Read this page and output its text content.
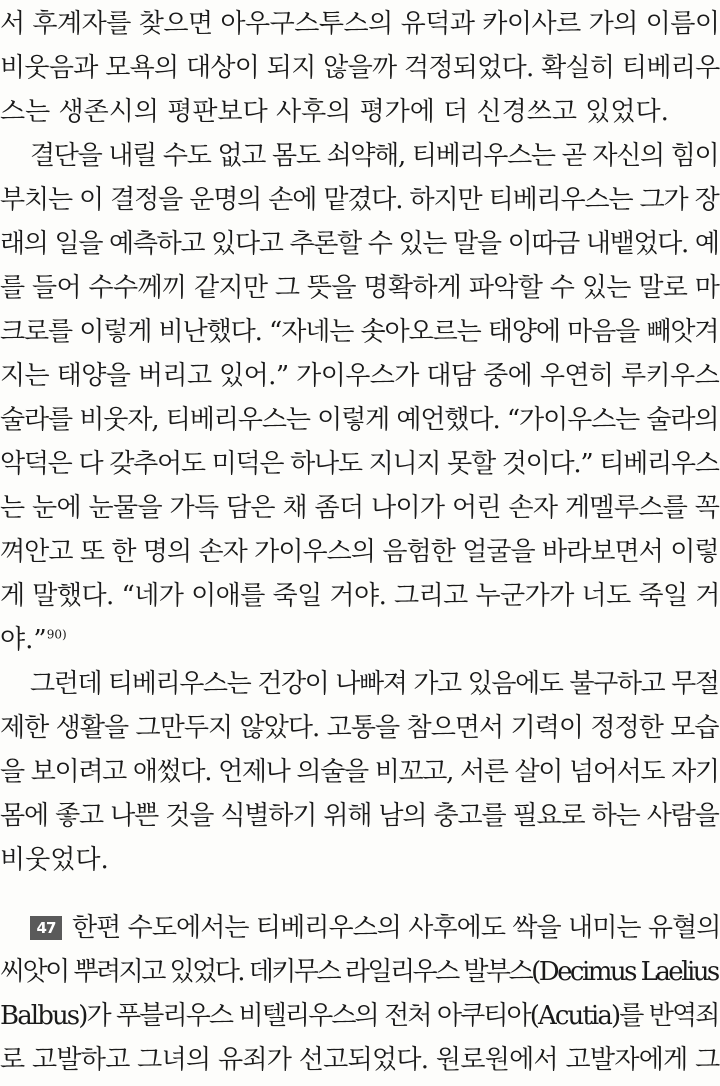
서 후계자를 찾으면 아우구스투스의 유덕과 카이사르 가의 이름이
비웃음과 모욕의 대상이 되지 않을까 걱정되었다. 확실히 티베리우
스는 생존시의 평판보다 사후의 평가에 더 신경쓰고 있었다.
결단을 내릴 수도 없고 몸도 쇠약해, 티베리우스는 곧 자신의 힘이
부치는 이 결정을 운명의 손에 맡겼다. 하지만 티베리우스는 그가 장
래의 일을 예측하고 있다고 추론할 수 있는 말을 이따금 내뱉었다. 예
를 들어 수수께끼 같지만 그 뜻을 명확하게 파악할 수 있는 말로 마
크로를 이렇게 비난했다. “자네는 솟아오르는 태양에 마음을 빼앗겨
지는 태양을 버리고 있어.” 가이우스가 대담 중에 우연히 루키우스
술라를 비웃자, 티베리우스는 이렇게 예언했다. “가이우스는 술라의
악덕은 다 갖추어도 미덕은 하나도 지니지 못할 것이다.” 티베리우스
는 눈에 눈물을 가득 담은 채 좀더 나이가 어린 손자 게멜루스를 꼭
껴안고 또 한 명의 손자 가이우스의 음험한 얼굴을 바라보면서 이렇
게 말했다. “네가 이애를 죽일 거야. 그리고 누군가가 너도 죽일 거
야.”$^{90)}$
그런데 티베리우스는 건강이 나빠져 가고 있음에도 불구하고 무절
제한 생활을 그만두지 않았다. 고통을 참으면서 기력이 정정한 모습
을 보이려고 애썼다. 언제나 의술을 비꼬고, 서른 살이 넘어서도 자기
몸에 좋고 나쁜 것을 식별하기 위해 남의 충고를 필요로 하는 사람을
비웃었다.
47 한편 수도에서는 티베리우스의 사후에도 싹을 내미는 유혈의
씨앗이 뿌려지고 있었다. 데키무스 라일리우스 발부스(Decimus Laelius
Balbus)가 푸블리우스 비텔리우스의 전처 아쿠티아(Acutia)를 반역죄
로 고발하고 그녀의 유죄가 선고되었다. 원로원에서 고발자에게 그
